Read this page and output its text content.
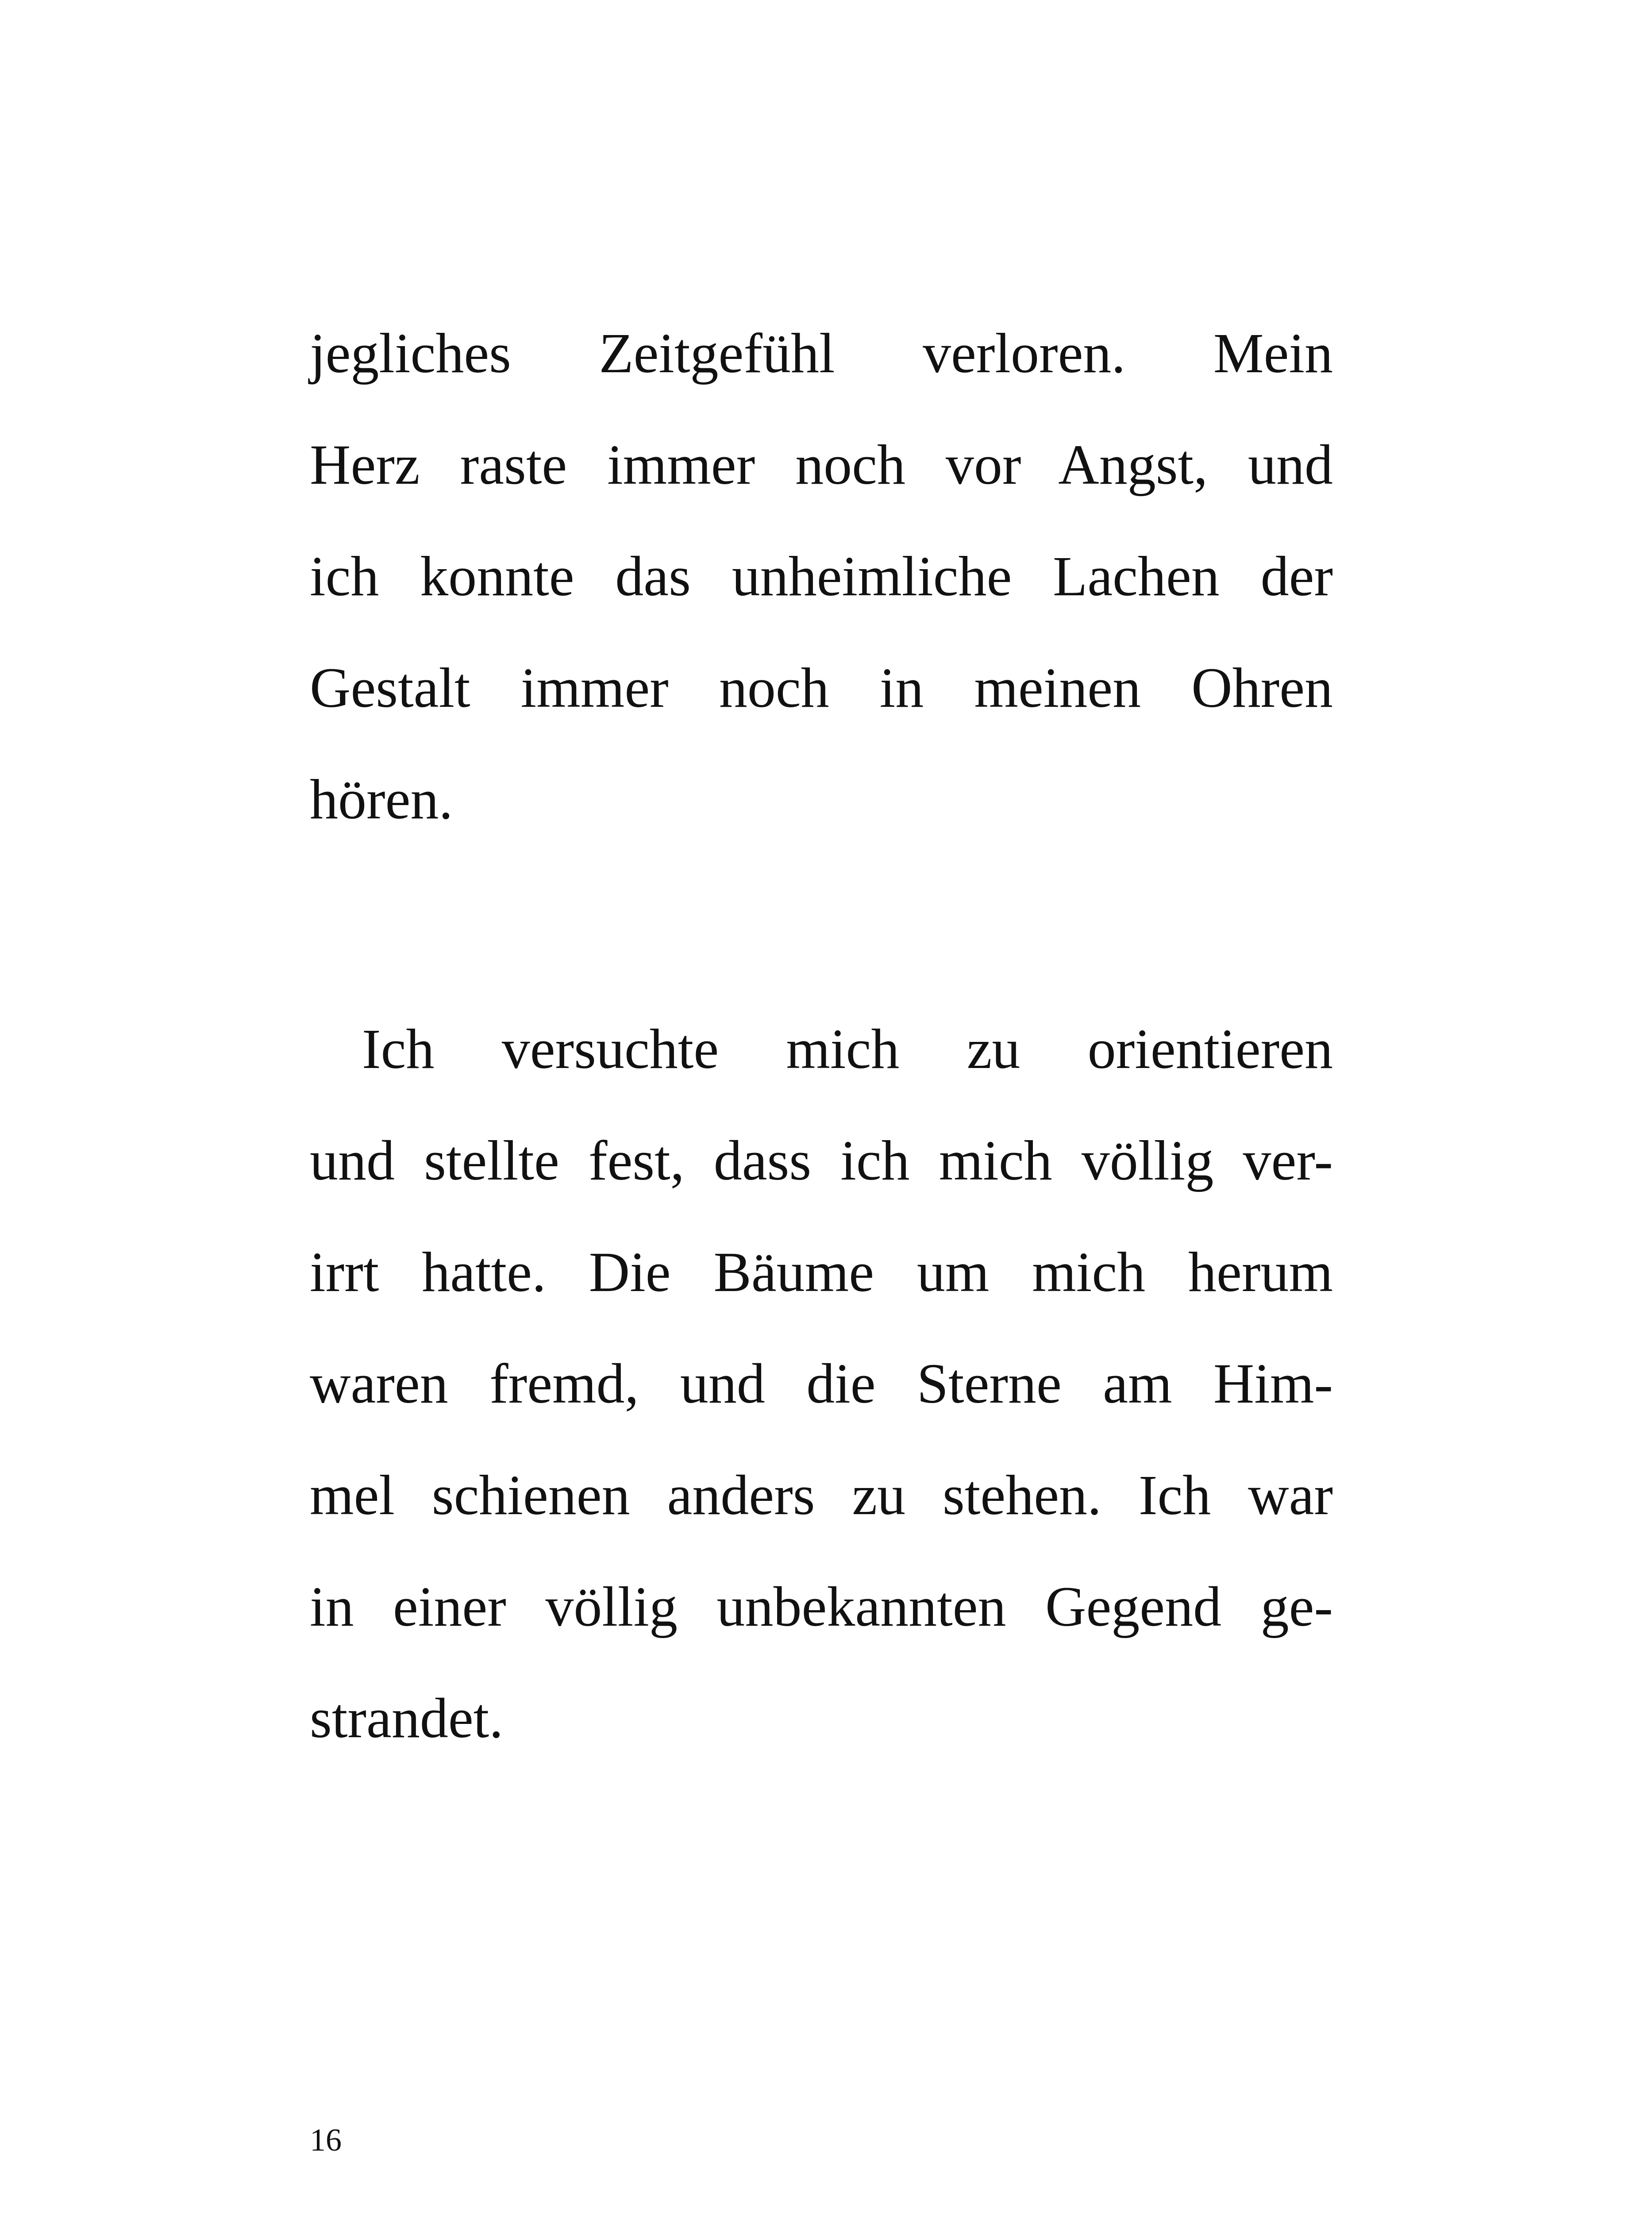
jegliches Zeitgefühl verloren. Mein
Herz raste immer noch vor Angst, und
ich konnte das unheimliche Lachen der
Gestalt immer noch in meinen Ohren
hören.
Ich versuchte mich zu orientieren
und stellte fest, dass ich mich völlig ver-
irrt hatte. Die Bäume um mich herum
waren fremd, und die Sterne am Him-
mel schienen anders zu stehen. Ich war
in einer völlig unbekannten Gegend ge-
strandet.
16
